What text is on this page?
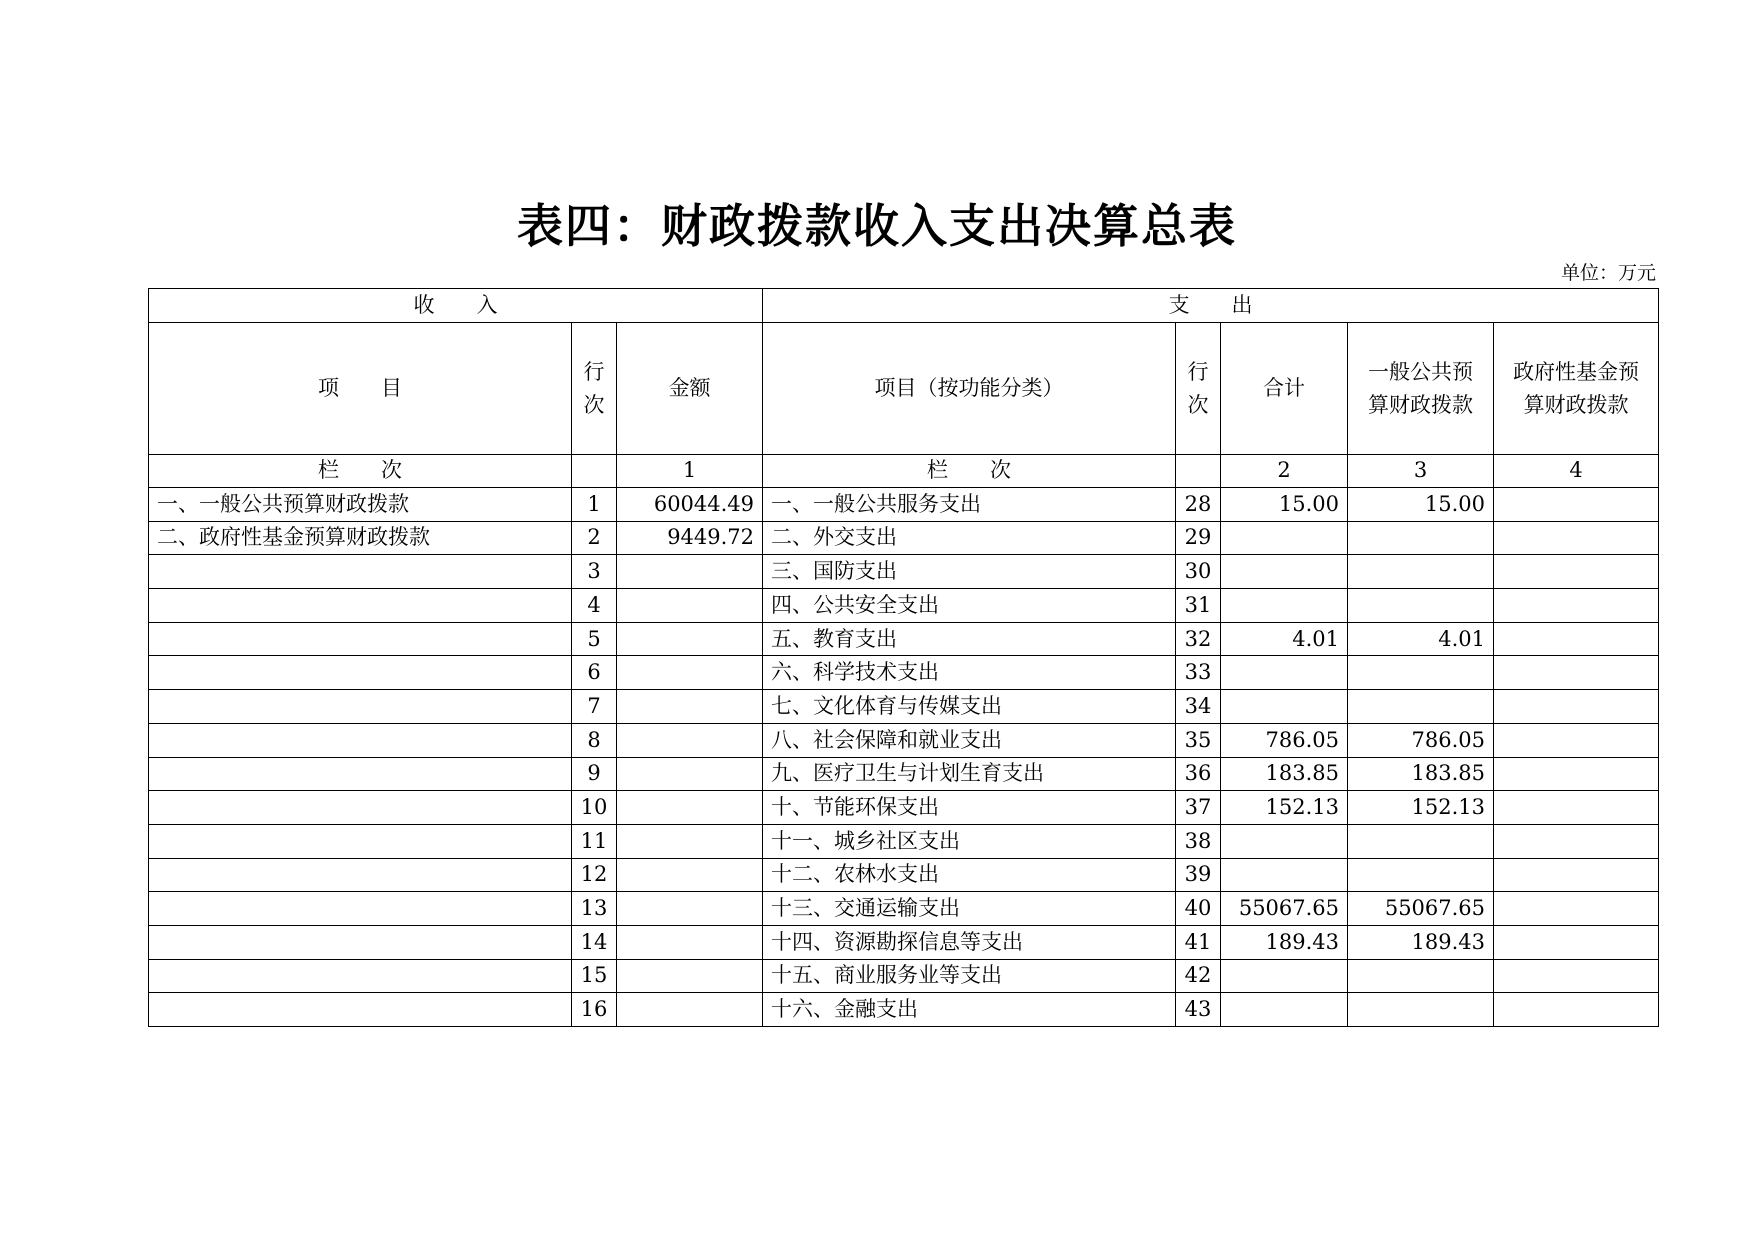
表四：财政拨款收入支出决算总表
单位：万元
收　　入			支　　出				
项　　目	行次	金额	项目（按功能分类）	行次	合计	一般公共预算财政拨款	政府性基金预算财政拨款
栏　　次		1	栏　　次		2	3	4
一、一般公共预算财政拨款	1	60044.49	一、一般公共服务支出	28	15.00	15.00	
二、政府性基金预算财政拨款	2	9449.72	二、外交支出	29			
	3		三、国防支出	30			
	4		四、公共安全支出	31			
	5		五、教育支出	32	4.01	4.01	
	6		六、科学技术支出	33			
	7		七、文化体育与传媒支出	34			
	8		八、社会保障和就业支出	35	786.05	786.05	
	9		九、医疗卫生与计划生育支出	36	183.85	183.85	
	10		十、节能环保支出	37	152.13	152.13	
	11		十一、城乡社区支出	38			
	12		十二、农林水支出	39			
	13		十三、交通运输支出	40	55067.65	55067.65	
	14		十四、资源勘探信息等支出	41	189.43	189.43	
	15		十五、商业服务业等支出	42			
	16		十六、金融支出	43			
